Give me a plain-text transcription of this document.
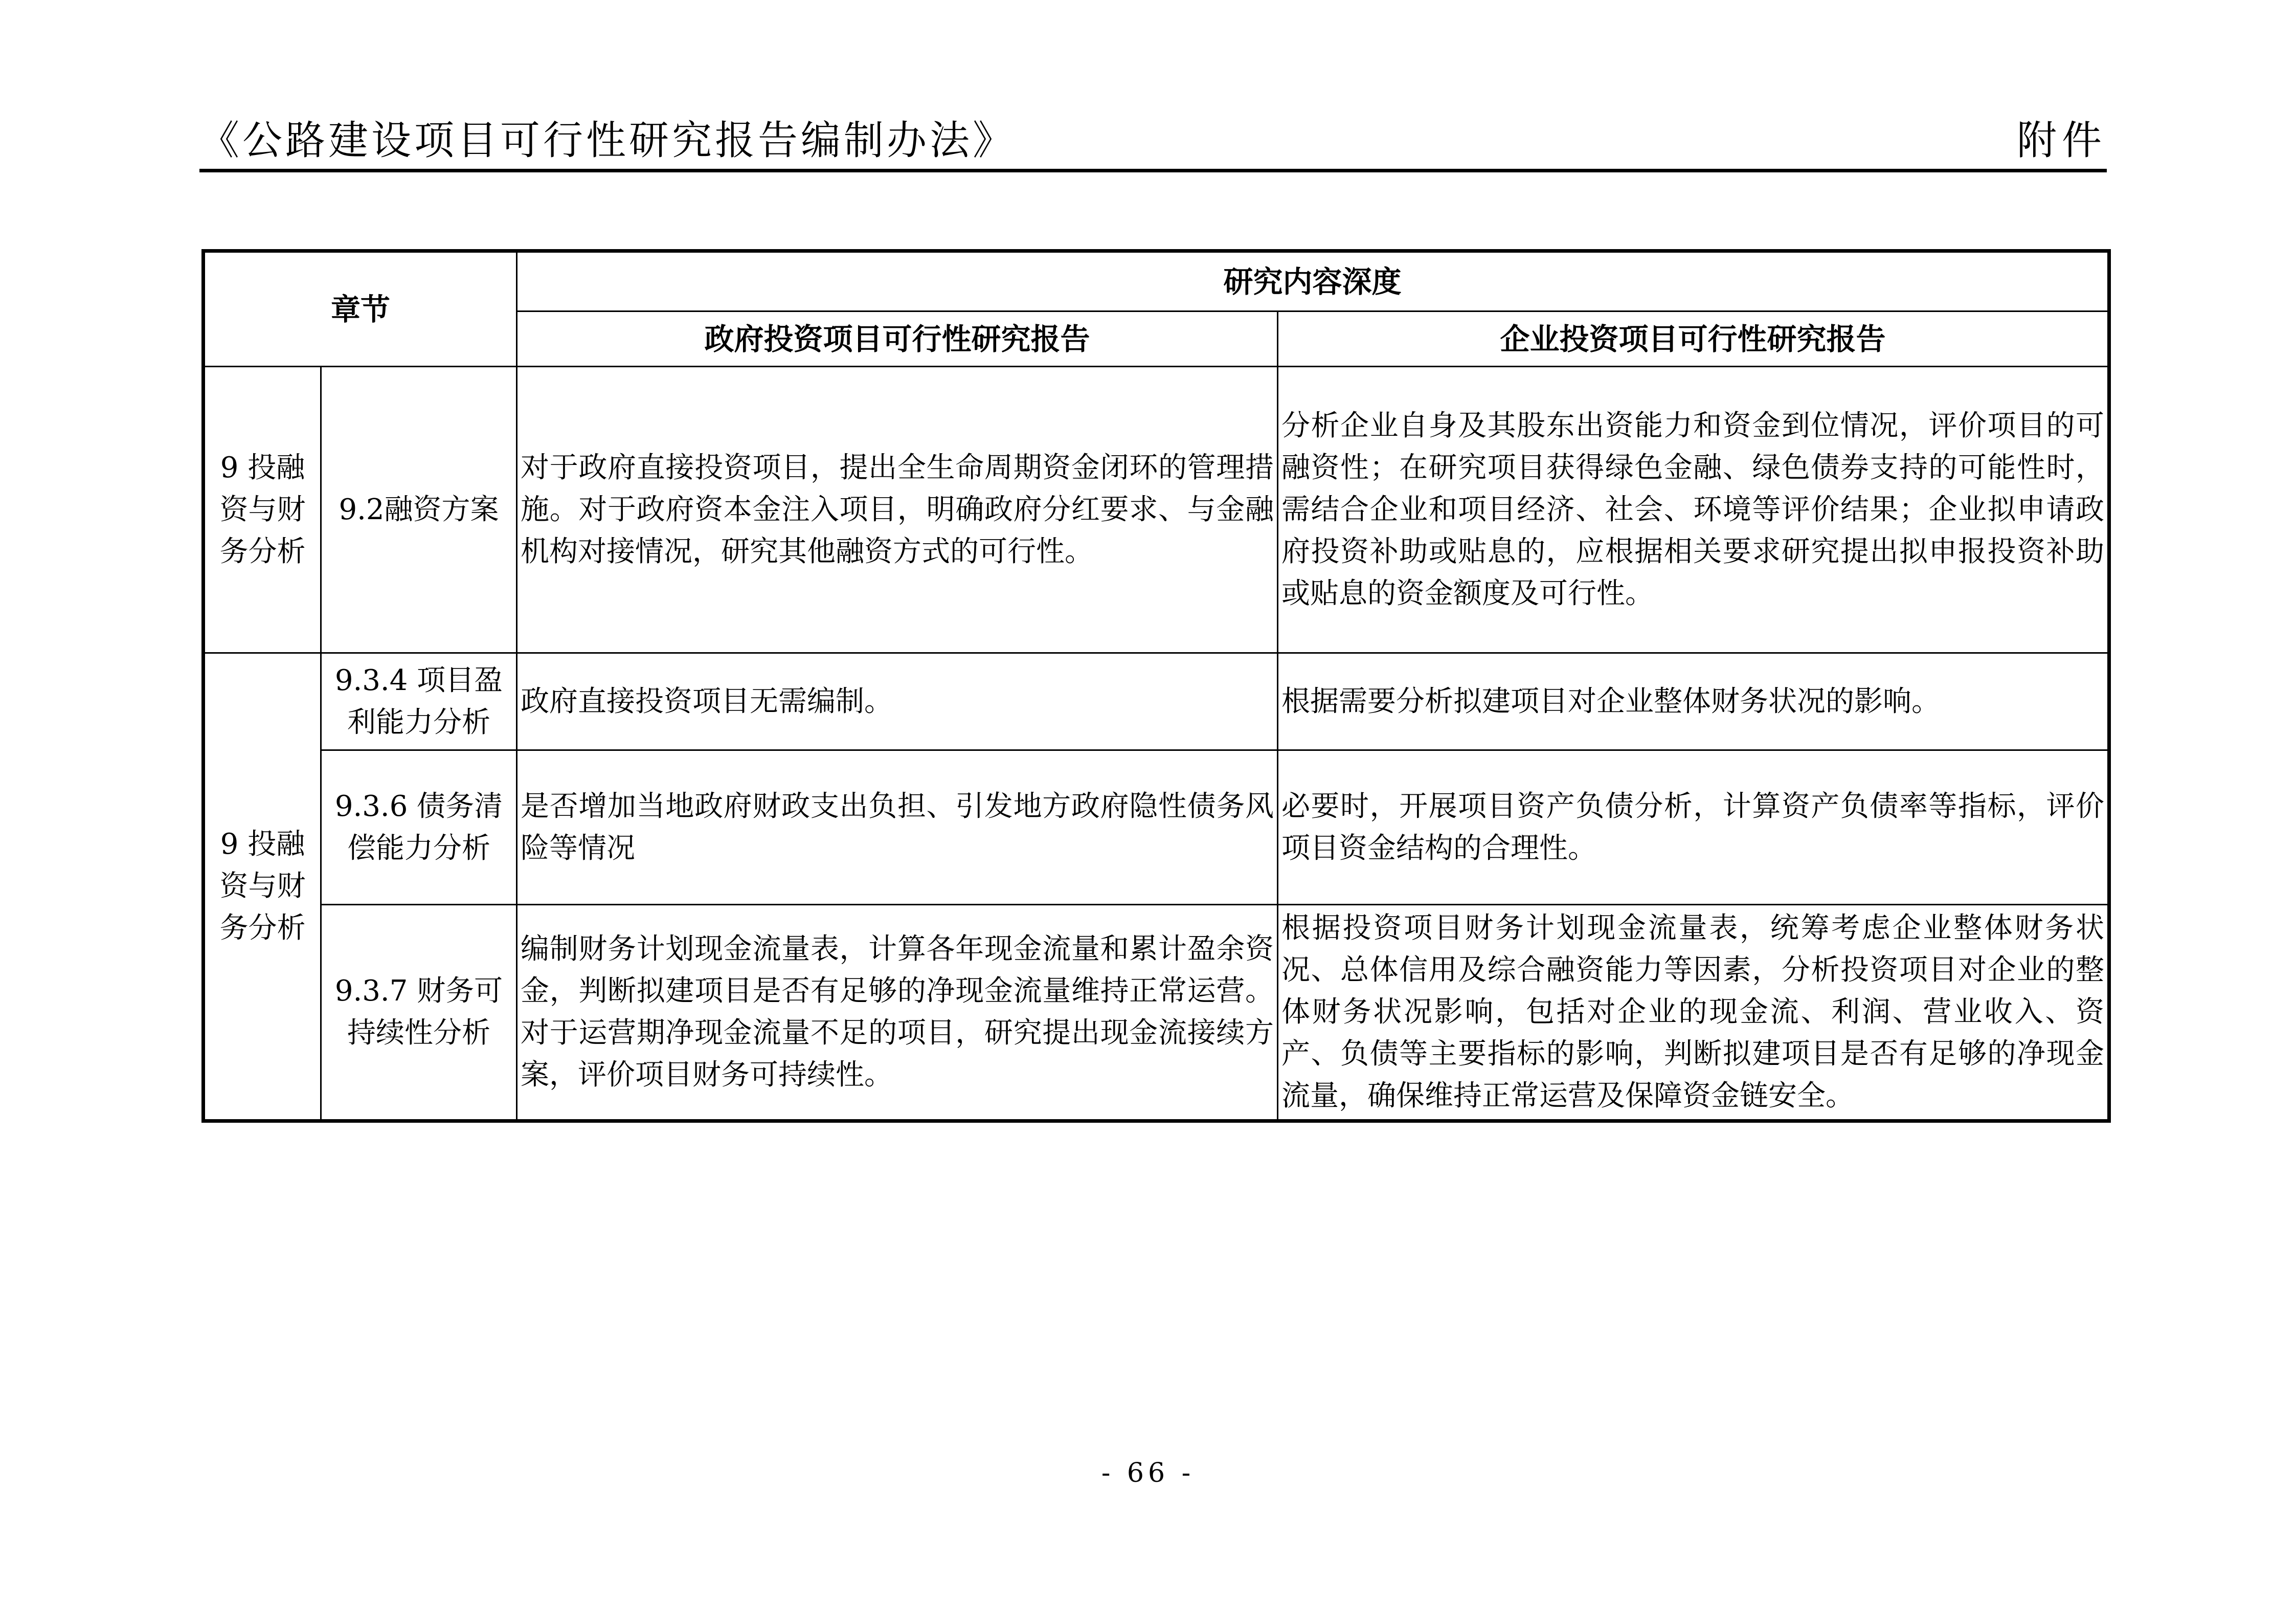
《公路建设项目可行性研究报告编制办法》	附件
章节		研究内容深度	
		政府投资项目可行性研究报告	企业投资项目可行性研究报告
9 投融资与财务分析	9.2融资方案	对于政府直接投资项目，提出全生命周期资金闭环的管理措施。对于政府资本金注入项目，明确政府分红要求、与金融机构对接情况，研究其他融资方式的可行性。	分析企业自身及其股东出资能力和资金到位情况，评价项目的可融资性；在研究项目获得绿色金融、绿色债券支持的可能性时，需结合企业和项目经济、社会、环境等评价结果；企业拟申请政府投资补助或贴息的，应根据相关要求研究提出拟申报投资补助或贴息的资金额度及可行性。
9 投融资与财务分析	9.3.4 项目盈利能力分析	政府直接投资项目无需编制。	根据需要分析拟建项目对企业整体财务状况的影响。
	9.3.6 债务清偿能力分析	是否增加当地政府财政支出负担、引发地方政府隐性债务风险等情况	必要时，开展项目资产负债分析，计算资产负债率等指标，评价项目资金结构的合理性。
	9.3.7 财务可持续性分析	编制财务计划现金流量表，计算各年现金流量和累计盈余资金，判断拟建项目是否有足够的净现金流量维持正常运营。对于运营期净现金流量不足的项目，研究提出现金流接续方案，评价项目财务可持续性。	根据投资项目财务计划现金流量表，统筹考虑企业整体财务状况、总体信用及综合融资能力等因素，分析投资项目对企业的整体财务状况影响，包括对企业的现金流、利润、营业收入、资产、负债等主要指标的影响，判断拟建项目是否有足够的净现金流量，确保维持正常运营及保障资金链安全。
- 66 -
